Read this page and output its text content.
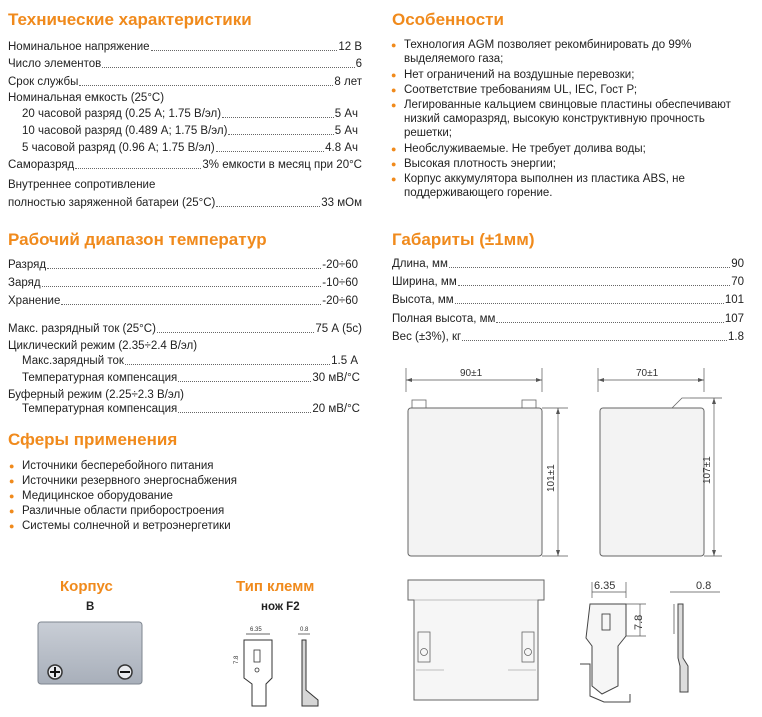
Технические характеристики
Номинальное напряжение	12 В
Число элементов	6
Срок службы	8 лет
Номинальная емкость (25°C)
20 часовой разряд (0.25 A; 1.75 В/эл)	5 Ач
10 часовой разряд (0.489 A; 1.75 В/эл)	5 Ач
5 часовой разряд (0.96 A; 1.75 В/эл)	4.8 Ач
Саморазряд	3% емкости в месяц при 20°C
Внутреннее сопротивление
полностью заряженной батареи (25°C)	33 мОм
Рабочий диапазон температур
Разряд	-20÷60
Заряд	-10÷60
Хранение	-20÷60
Макс. разрядный ток (25°C)	75 А (5с)
Циклический режим (2.35÷2.4 В/эл)
Макс.зарядный ток	1.5 А
Температурная компенсация	30 мВ/°С
Буферный режим (2.25÷2.3 В/эл)
Температурная компенсация	20 мВ/°С
Сферы применения
● Источники бесперебойного питания
● Источники резервного энергоснабжения
● Медицинское оборудование
● Различные области приборостроения
● Системы солнечной и ветроэнергетики
Корпус
B
Тип клемм
нож F2
6.35	0.8
7.8
Особенности
● Технология AGM позволяет рекомбинировать до 99% выделяемого газа;
● Нет ограничений на воздушные перевозки;
● Соответствие требованиям UL, IEC, Гост Р;
● Легированные кальцием свинцовые пластины обеспечивают низкий саморазряд, высокую конструктивную прочность решетки;
● Необслуживаемые. Не требует долива воды;
● Высокая плотность энергии;
● Корпус аккумулятора выполнен из пластика ABS, не поддерживающего горение.
Габариты (±1мм)
Длина, мм	90
Ширина, мм	70
Высота, мм	101
Полная высота, мм	107
Вес (±3%), кг	1.8
90±1
101±1
70±1
107±1
6.35	0.8
7.8
